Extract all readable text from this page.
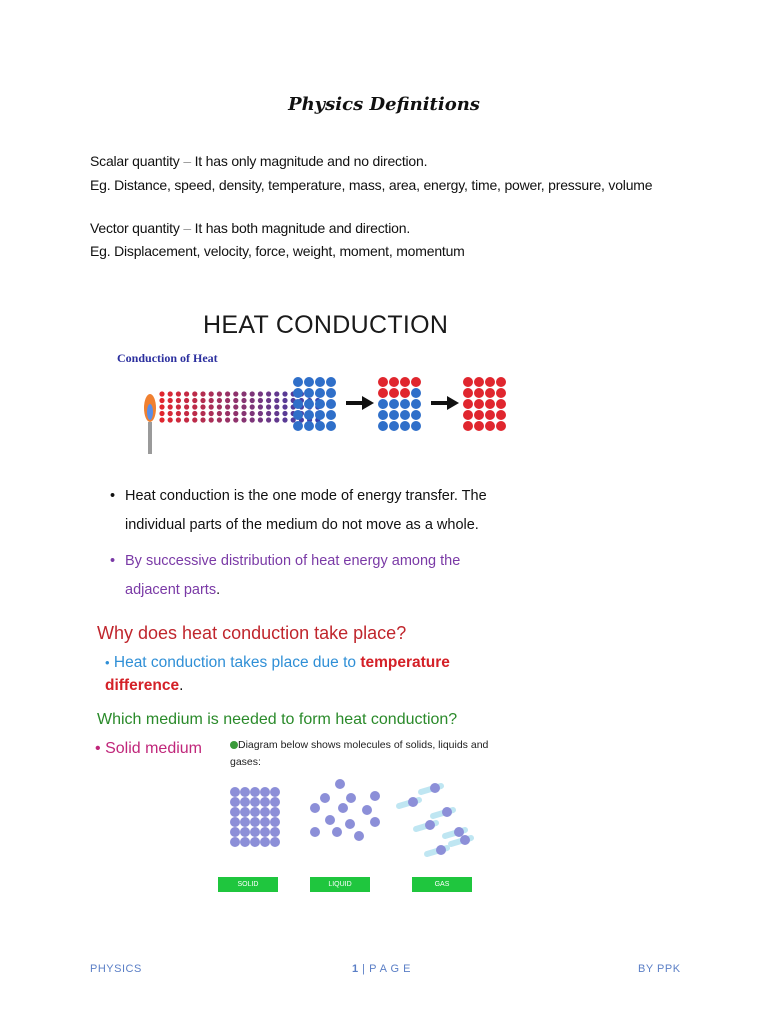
Physics Definitions
Scalar quantity – It has only magnitude and no direction.
Eg. Distance, speed, density, temperature, mass, area, energy, time, power, pressure, volume
Vector quantity – It has both magnitude and direction.
Eg. Displacement, velocity, force, weight, moment, momentum
HEAT CONDUCTION
Conduction of Heat
• Heat conduction is the one mode of energy transfer. The
individual parts of the medium do not move as a whole.
• By successive distribution of heat energy among the
adjacent parts.
Why does heat conduction take place?
• Heat conduction takes place due to temperature
difference.
Which medium is needed to form heat conduction?
• Solid medium	Diagram below shows molecules of solids, liquids and gases:
SOLID	LIQUID	GAS
PHYSICS	1 | P A G E	BY PPK
